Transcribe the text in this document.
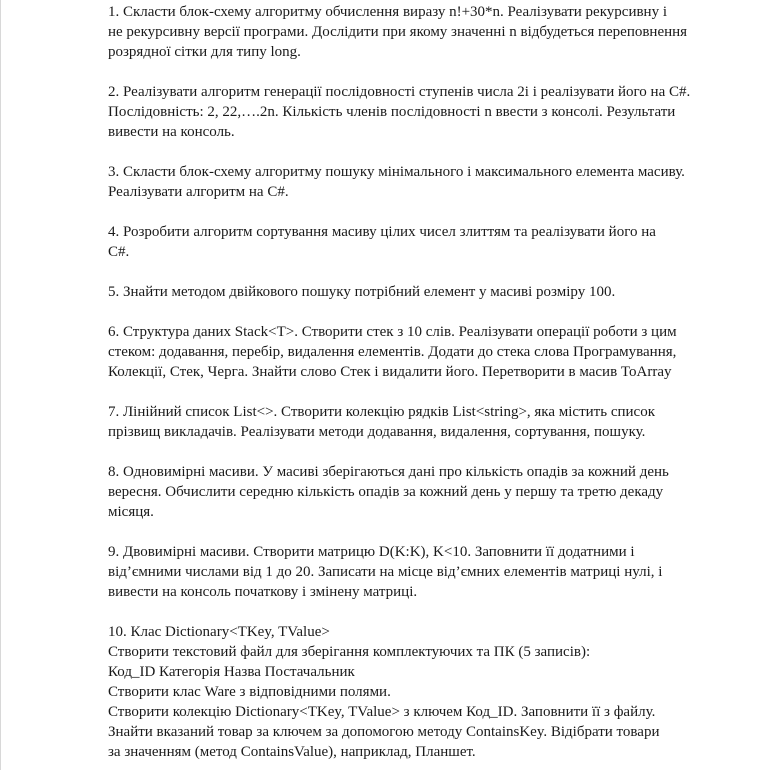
1. Скласти блок-схему алгоритму обчислення виразу n!+30*n. Реалізувати рекурсивну і
не рекурсивну версії програми. Дослідити при якому значенні n відбудеться переповнення
розрядної сітки для типу long.
2. Реалізувати алгоритм генерації послідовності ступенів числа 2i і реалізувати його на С#.
Послідовність: 2, 22,….2n. Кількість членів послідовності n ввести з консолі. Результати
вивести на консоль.
3. Скласти блок-схему алгоритму пошуку мінімального і максимального елемента масиву.
Реалізувати алгоритм на C#.
4. Розробити алгоритм сортування масиву цілих чисел злиттям та реалізувати його на
C#.
5. Знайти методом двійкового пошуку потрібний елемент у масиві розміру 100.
6. Структура даних Stack<T>. Створити стек з 10 слів. Реалізувати операції роботи з цим
стеком: додавання, перебір, видалення елементів. Додати до стека слова Програмування,
Колекції, Стек, Черга. Знайти слово Стек і видалити його. Перетворити в масив ToArray
7. Лінійний список List<>. Створити колекцію рядків List<string>, яка містить список
прізвищ викладачів. Реалізувати методи додавання, видалення, сортування, пошуку.
8. Одновимірні масиви. У масиві зберігаються дані про кількість опадів за кожний день
вересня. Обчислити середню кількість опадів за кожний день у першу та третю декаду
місяця.
9. Двовимірні масиви. Створити матрицю D(K:K), K<10. Заповнити її додатними і
від’ємними числами від 1 до 20. Записати на місце від’ємних елементів матриці нулі, і
вивести на консоль початкову і змінену матриці.
10. Клас Dictionary<TKey, TValue>
Створити текстовий файл для зберігання комплектуючих та ПК (5 записів):
Код_ID Категорія Назва Постачальник
Створити клас Ware з відповідними полями.
Створити колекцію Dictionary<TKey, TValue> з ключем Код_ID. Заповнити її з файлу.
Знайти вказаний товар за ключем за допомогою методу ContainsKey. Відібрати товари
за значенням (метод ContainsValue), наприклад, Планшет.
